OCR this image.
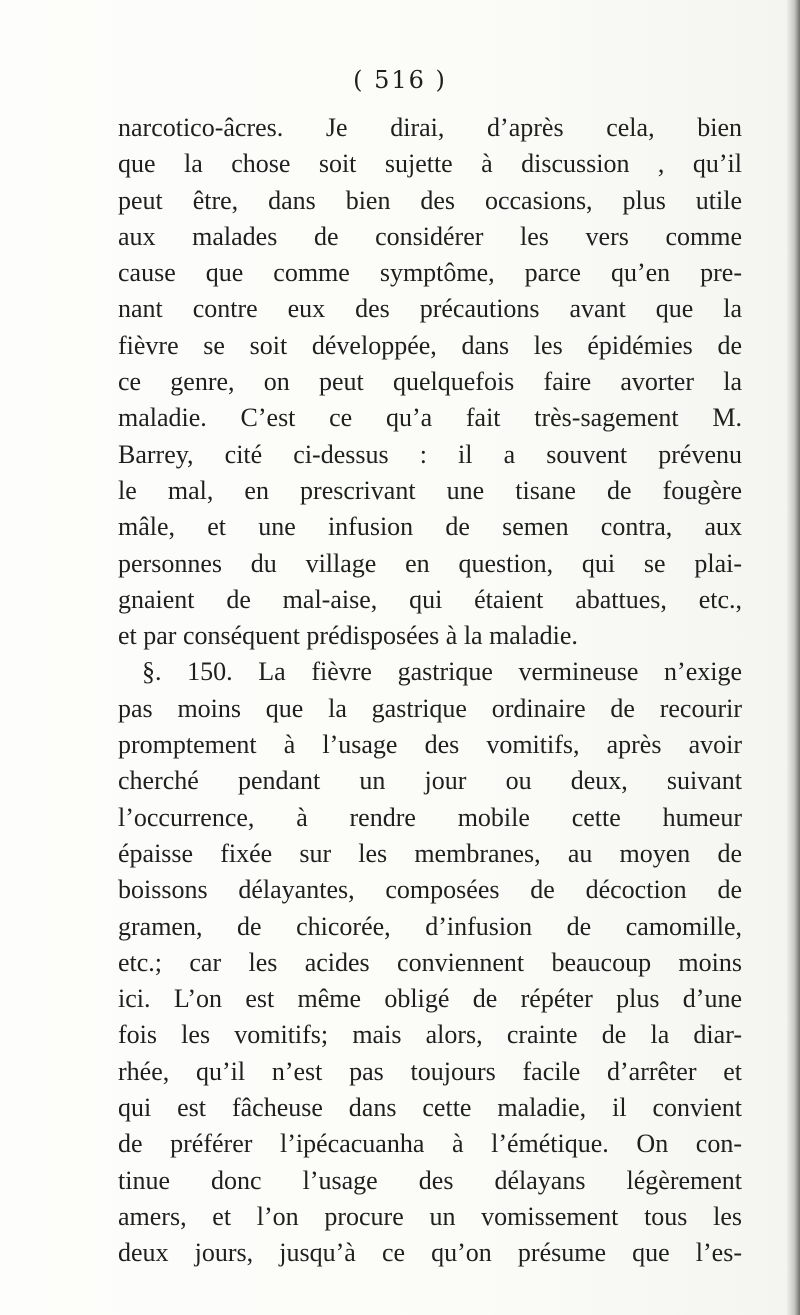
( 516 )
narcotico-âcres. Je dirai, d’après cela, bien
que la chose soit sujette à discussion , qu’il
peut être, dans bien des occasions, plus utile
aux malades de considérer les vers comme
cause que comme symptôme, parce qu’en pre-
nant contre eux des précautions avant que la
fièvre se soit développée, dans les épidémies de
ce genre, on peut quelquefois faire avorter la
maladie. C’est ce qu’a fait très-sagement M.
Barrey, cité ci-dessus : il a souvent prévenu
le mal, en prescrivant une tisane de fougère
mâle, et une infusion de semen contra, aux
personnes du village en question, qui se plai-
gnaient de mal-aise, qui étaient abattues, etc.,
et par conséquent prédisposées à la maladie.
§. 150. La fièvre gastrique vermineuse n’exige
pas moins que la gastrique ordinaire de recourir
promptement à l’usage des vomitifs, après avoir
cherché pendant un jour ou deux, suivant
l’occurrence, à rendre mobile cette humeur
épaisse fixée sur les membranes, au moyen de
boissons délayantes, composées de décoction de
gramen, de chicorée, d’infusion de camomille,
etc.; car les acides conviennent beaucoup moins
ici. L’on est même obligé de répéter plus d’une
fois les vomitifs; mais alors, crainte de la diar-
rhée, qu’il n’est pas toujours facile d’arrêter et
qui est fâcheuse dans cette maladie, il convient
de préférer l’ipécacuanha à l’émétique. On con-
tinue donc l’usage des délayans légèrement
amers, et l’on procure un vomissement tous les
deux jours, jusqu’à ce qu’on présume que l’es-
